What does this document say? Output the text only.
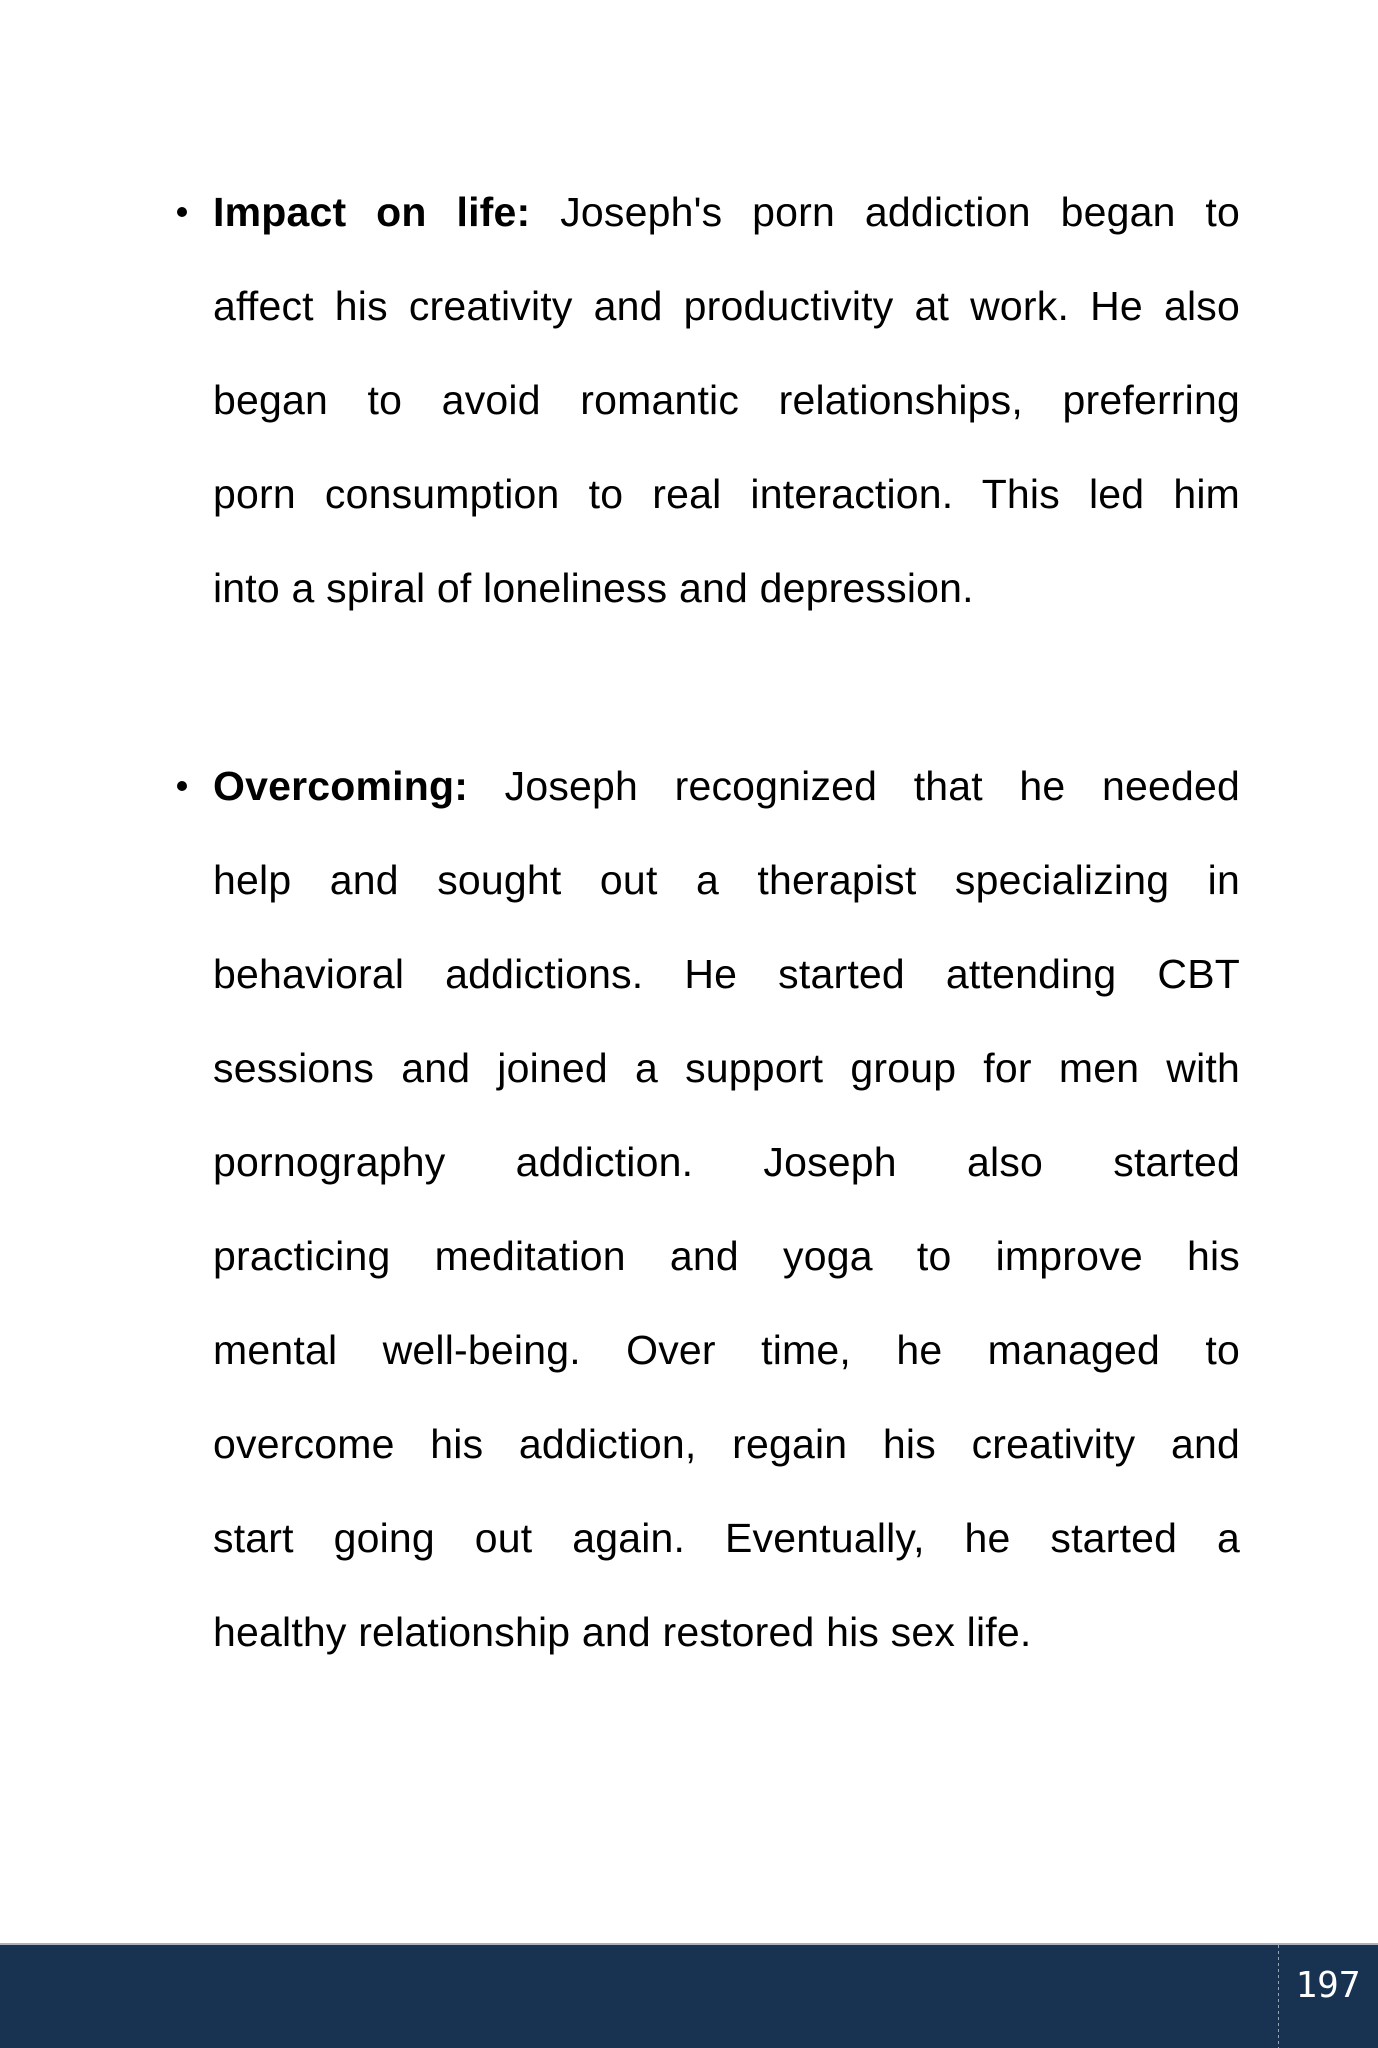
Impact on life: Joseph's porn addiction began to
affect his creativity and productivity at work. He also
began to avoid romantic relationships, preferring
porn consumption to real interaction. This led him
into a spiral of loneliness and depression.
Overcoming: Joseph recognized that he needed
help and sought out a therapist specializing in
behavioral addictions. He started attending CBT
sessions and joined a support group for men with
pornography addiction. Joseph also started
practicing meditation and yoga to improve his
mental well-being. Over time, he managed to
overcome his addiction, regain his creativity and
start going out again. Eventually, he started a
healthy relationship and restored his sex life.
197
